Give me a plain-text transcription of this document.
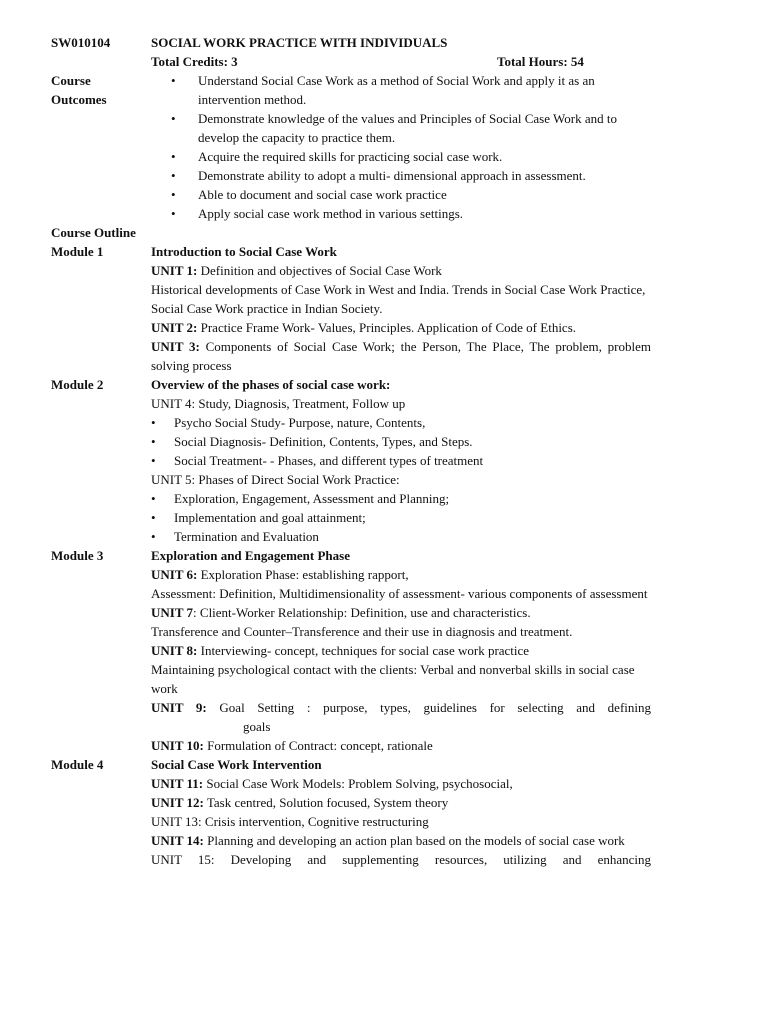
SW010104	SOCIAL WORK PRACTICE WITH INDIVIDUALS
Total Credits: 3	Total Hours: 54
Course
Outcomes
• Understand Social Case Work as a method of Social Work and apply it as an intervention method.
• Demonstrate knowledge of the values and Principles of Social Case Work and to develop the capacity to practice them.
• Acquire the required skills for practicing social case work.
• Demonstrate ability to adopt a multi- dimensional approach in assessment.
• Able to document and social case work practice
• Apply social case work method in various settings.
Course Outline
Module 1	Introduction to Social Case Work
UNIT 1: Definition and objectives of Social Case Work
Historical developments of Case Work in West and India. Trends in Social Case Work Practice, Social Case Work practice in Indian Society.
UNIT 2: Practice Frame Work- Values, Principles. Application of Code of Ethics.
UNIT 3: Components of Social Case Work; the Person, The Place, The problem, problem solving process
Module 2	Overview of the phases of social case work:
UNIT 4: Study, Diagnosis, Treatment, Follow up
• Psycho Social Study- Purpose, nature, Contents,
• Social Diagnosis- Definition, Contents, Types, and Steps.
• Social Treatment- - Phases, and different types of treatment
UNIT 5: Phases of Direct Social Work Practice:
• Exploration, Engagement, Assessment and Planning;
• Implementation and goal attainment;
• Termination and Evaluation
Module 3	Exploration and Engagement Phase
UNIT 6: Exploration Phase: establishing rapport,
Assessment: Definition, Multidimensionality of assessment- various components of assessment
UNIT 7: Client-Worker Relationship: Definition, use and characteristics.
Transference and Counter–Transference and their use in diagnosis and treatment.
UNIT 8: Interviewing- concept, techniques for social case work practice
Maintaining psychological contact with the clients: Verbal and nonverbal skills in social case work
UNIT 9: Goal Setting : purpose, types, guidelines for selecting and defining
goals
UNIT 10: Formulation of Contract: concept, rationale
Module 4	Social Case Work Intervention
UNIT 11: Social Case Work Models: Problem Solving, psychosocial,
UNIT 12: Task centred, Solution focused, System theory
UNIT 13: Crisis intervention, Cognitive restructuring
UNIT 14: Planning and developing an action plan based on the models of social case work
UNIT 15: Developing and supplementing resources, utilizing and enhancing
